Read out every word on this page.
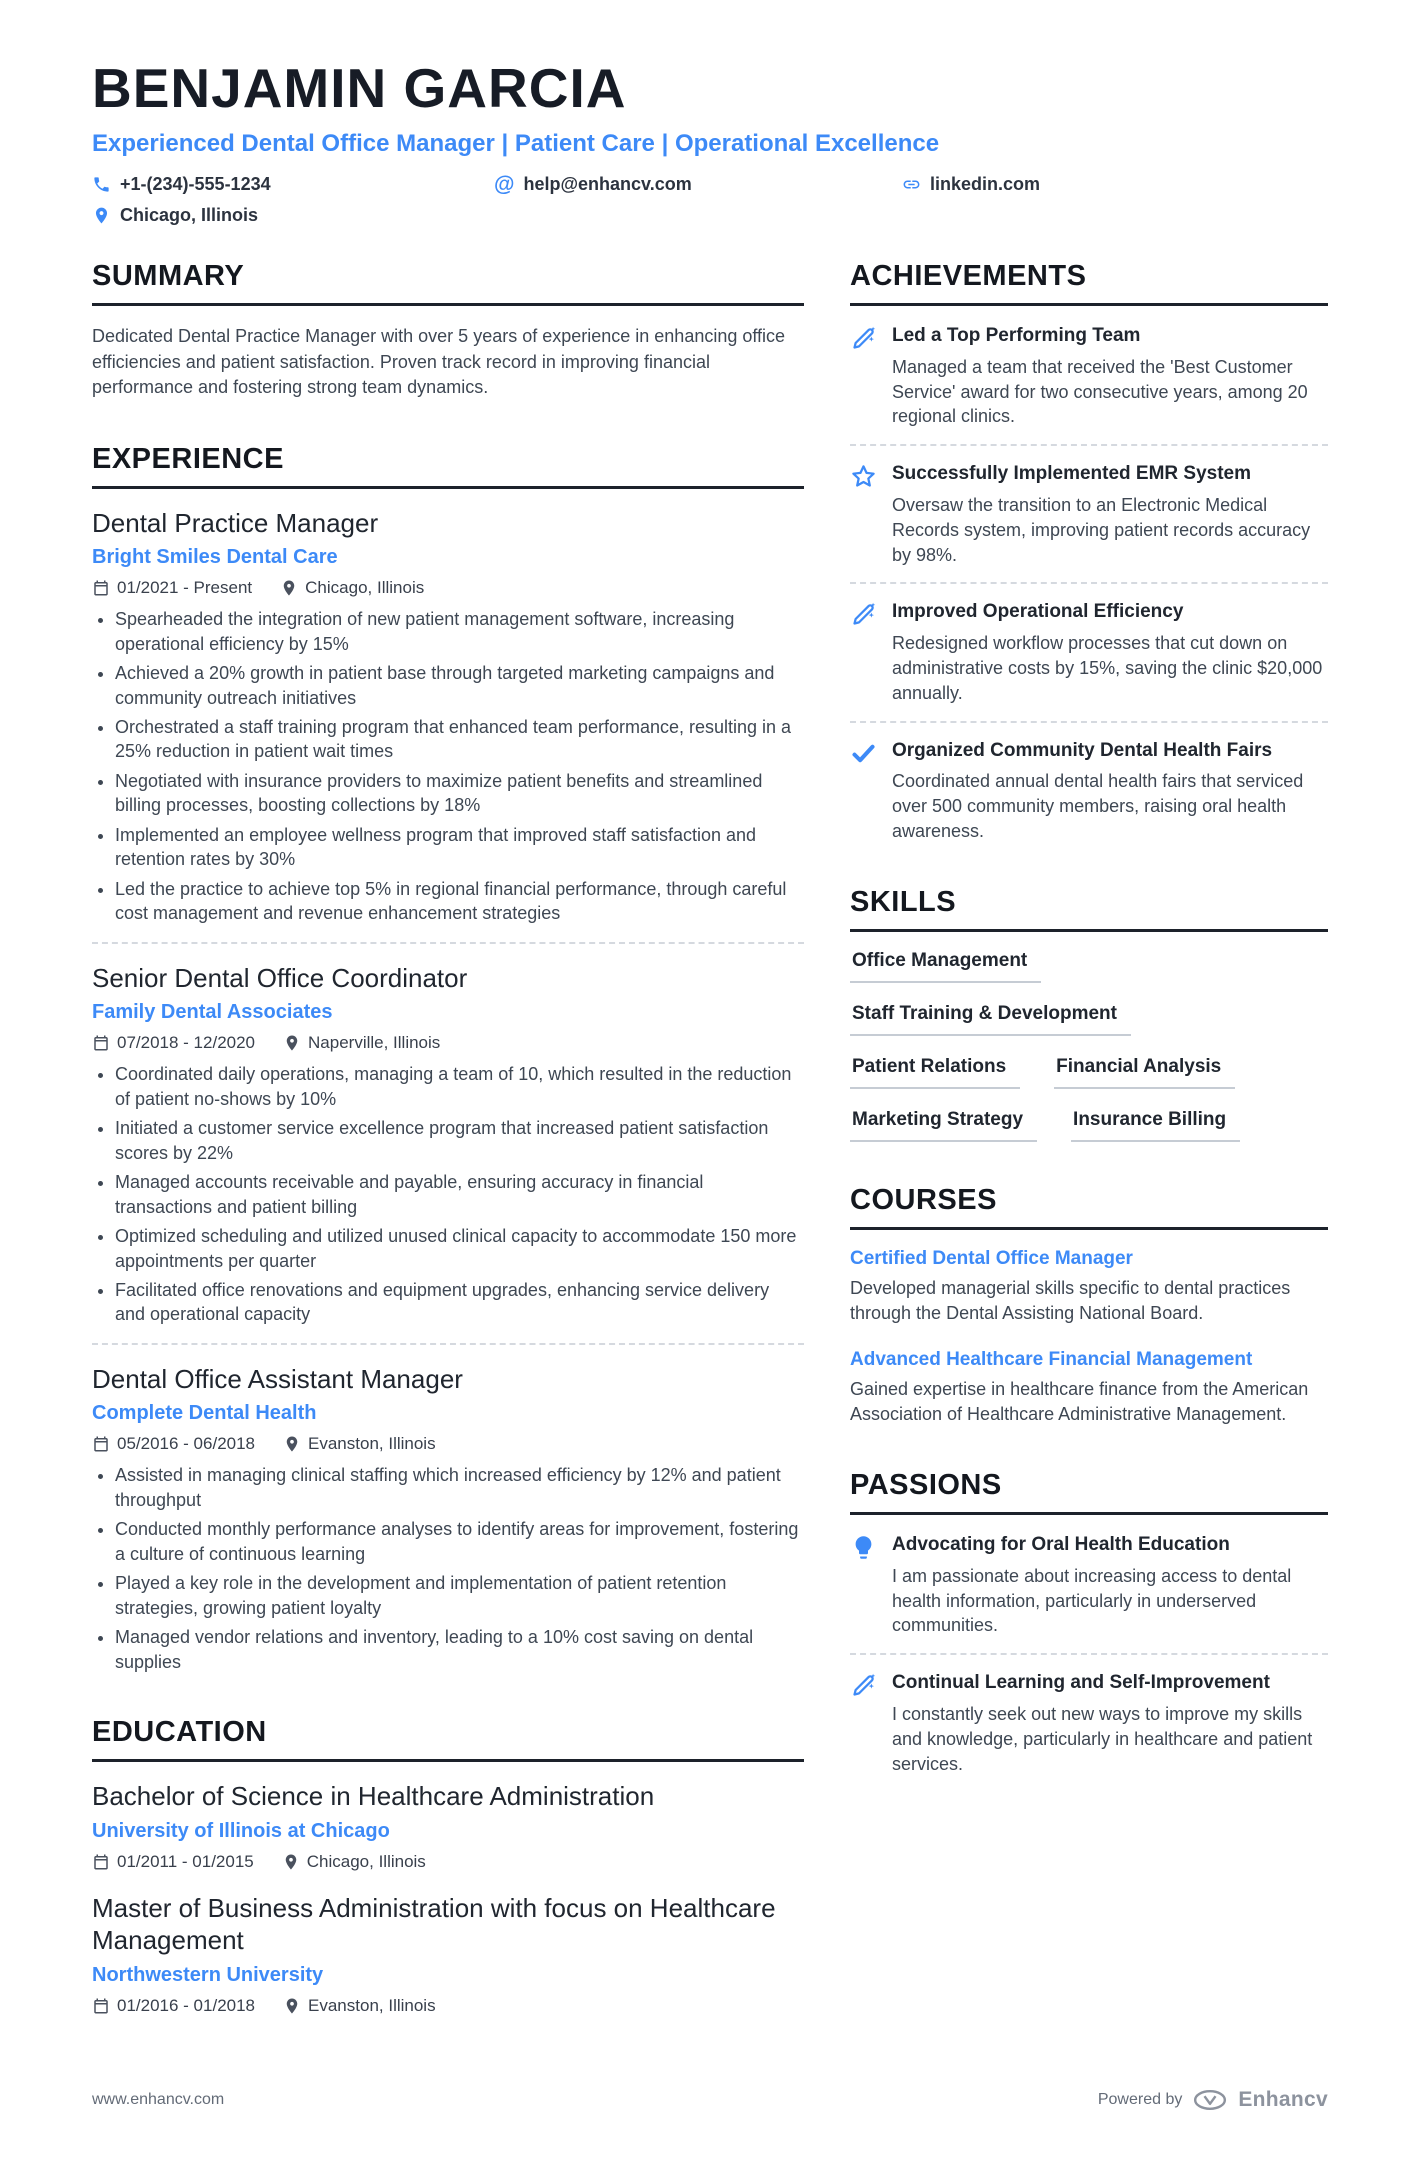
BENJAMIN GARCIA
Experienced Dental Office Manager | Patient Care | Operational Excellence
+1-(234)-555-1234	@ help@enhancv.com	linkedin.com
Chicago, Illinois
SUMMARY

Dedicated Dental Practice Manager with over 5 years of experience in enhancing office efficiencies and patient satisfaction. Proven track record in improving financial performance and fostering strong team dynamics.

EXPERIENCE
Dental Practice Manager
Bright Smiles Dental Care
01/2021 - Present	Chicago, Illinois
• Spearheaded the integration of new patient management software, increasing operational efficiency by 15%
• Achieved a 20% growth in patient base through targeted marketing campaigns and community outreach initiatives
• Orchestrated a staff training program that enhanced team performance, resulting in a 25% reduction in patient wait times
• Negotiated with insurance providers to maximize patient benefits and streamlined billing processes, boosting collections by 18%
• Implemented an employee wellness program that improved staff satisfaction and retention rates by 30%
• Led the practice to achieve top 5% in regional financial performance, through careful cost management and revenue enhancement strategies
Senior Dental Office Coordinator
Family Dental Associates
07/2018 - 12/2020	Naperville, Illinois
• Coordinated daily operations, managing a team of 10, which resulted in the reduction of patient no-shows by 10%
• Initiated a customer service excellence program that increased patient satisfaction scores by 22%
• Managed accounts receivable and payable, ensuring accuracy in financial transactions and patient billing
• Optimized scheduling and utilized unused clinical capacity to accommodate 150 more appointments per quarter
• Facilitated office renovations and equipment upgrades, enhancing service delivery and operational capacity
Dental Office Assistant Manager
Complete Dental Health
05/2016 - 06/2018	Evanston, Illinois
• Assisted in managing clinical staffing which increased efficiency by 12% and patient throughput
• Conducted monthly performance analyses to identify areas for improvement, fostering a culture of continuous learning
• Played a key role in the development and implementation of patient retention strategies, growing patient loyalty
• Managed vendor relations and inventory, leading to a 10% cost saving on dental supplies
EDUCATION
Bachelor of Science in Healthcare Administration
University of Illinois at Chicago
01/2011 - 01/2015	Chicago, Illinois
Master of Business Administration with focus on Healthcare Management
Northwestern University
01/2016 - 01/2018	Evanston, Illinois
ACHIEVEMENTS
Led a Top Performing Team
Managed a team that received the 'Best Customer Service' award for two consecutive years, among 20 regional clinics.
Successfully Implemented EMR System
Oversaw the transition to an Electronic Medical Records system, improving patient records accuracy by 98%.
Improved Operational Efficiency
Redesigned workflow processes that cut down on administrative costs by 15%, saving the clinic $20,000 annually.
Organized Community Dental Health Fairs
Coordinated annual dental health fairs that serviced over 500 community members, raising oral health awareness.
SKILLS
Office Management
Staff Training & Development
Patient Relations	Financial Analysis
Marketing Strategy	Insurance Billing
COURSES
Certified Dental Office Manager
Developed managerial skills specific to dental practices through the Dental Assisting National Board.
Advanced Healthcare Financial Management
Gained expertise in healthcare finance from the American Association of Healthcare Administrative Management.
PASSIONS
Advocating for Oral Health Education
I am passionate about increasing access to dental health information, particularly in underserved communities.
Continual Learning and Self-Improvement
I constantly seek out new ways to improve my skills and knowledge, particularly in healthcare and patient services.
www.enhancv.com	Powered by	Enhancv
